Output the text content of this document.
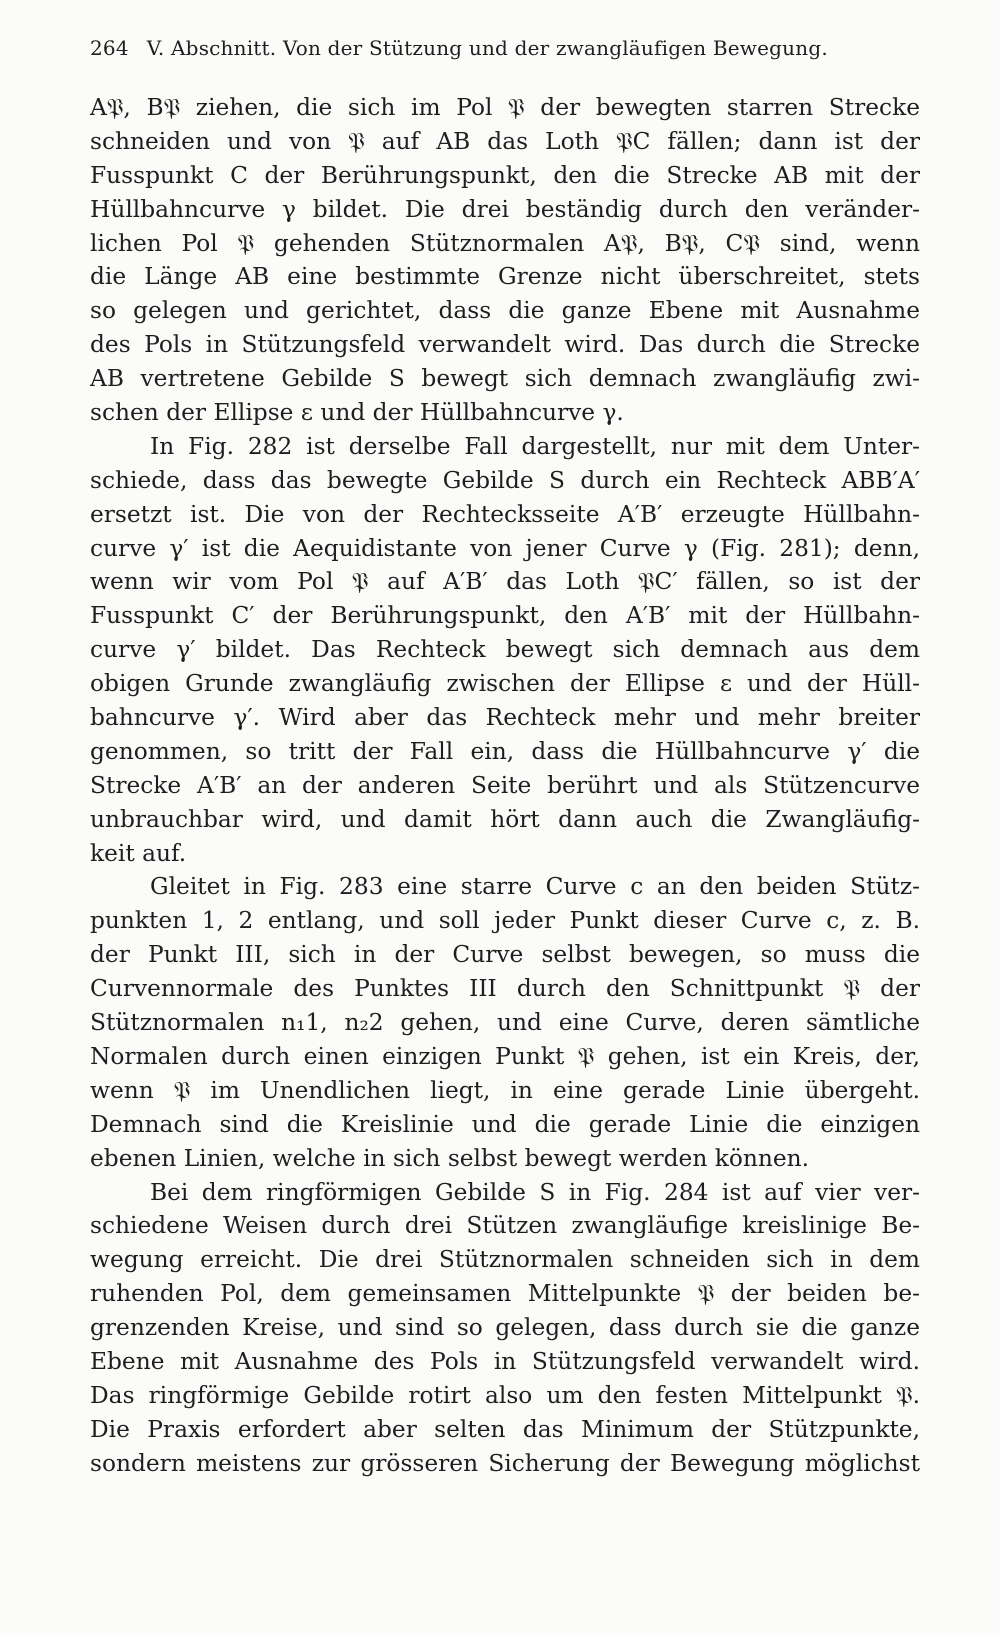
264 V. Abschnitt. Von der Stützung und der zwangläufigen Bewegung.
A𝔓, B𝔓 ziehen, die sich im Pol 𝔓 der bewegten starren Strecke
schneiden und von 𝔓 auf AB das Loth 𝔓C fällen; dann ist der
Fusspunkt C der Berührungspunkt, den die Strecke AB mit der
Hüllbahncurve γ bildet. Die drei beständig durch den veränder-
lichen Pol 𝔓 gehenden Stütznormalen A𝔓, B𝔓, C𝔓 sind, wenn
die Länge AB eine bestimmte Grenze nicht überschreitet, stets
so gelegen und gerichtet, dass die ganze Ebene mit Ausnahme
des Pols in Stützungsfeld verwandelt wird. Das durch die Strecke
AB vertretene Gebilde S bewegt sich demnach zwangläufig zwi-
schen der Ellipse ε und der Hüllbahncurve γ.
In Fig. 282 ist derselbe Fall dargestellt, nur mit dem Unter-
schiede, dass das bewegte Gebilde S durch ein Rechteck ABB′A′
ersetzt ist. Die von der Rechtecksseite A′B′ erzeugte Hüllbahn-
curve γ′ ist die Aequidistante von jener Curve γ (Fig. 281); denn,
wenn wir vom Pol 𝔓 auf A′B′ das Loth 𝔓C′ fällen, so ist der
Fusspunkt C′ der Berührungspunkt, den A′B′ mit der Hüllbahn-
curve γ′ bildet. Das Rechteck bewegt sich demnach aus dem
obigen Grunde zwangläufig zwischen der Ellipse ε und der Hüll-
bahncurve γ′. Wird aber das Rechteck mehr und mehr breiter
genommen, so tritt der Fall ein, dass die Hüllbahncurve γ′ die
Strecke A′B′ an der anderen Seite berührt und als Stützencurve
unbrauchbar wird, und damit hört dann auch die Zwangläufig-
keit auf.
Gleitet in Fig. 283 eine starre Curve c an den beiden Stütz-
punkten 1, 2 entlang, und soll jeder Punkt dieser Curve c, z. B.
der Punkt III, sich in der Curve selbst bewegen, so muss die
Curvennormale des Punktes III durch den Schnittpunkt 𝔓 der
Stütznormalen n₁1, n₂2 gehen, und eine Curve, deren sämtliche
Normalen durch einen einzigen Punkt 𝔓 gehen, ist ein Kreis, der,
wenn 𝔓 im Unendlichen liegt, in eine gerade Linie übergeht.
Demnach sind die Kreislinie und die gerade Linie die einzigen
ebenen Linien, welche in sich selbst bewegt werden können.
Bei dem ringförmigen Gebilde S in Fig. 284 ist auf vier ver-
schiedene Weisen durch drei Stützen zwangläufige kreislinige Be-
wegung erreicht. Die drei Stütznormalen schneiden sich in dem
ruhenden Pol, dem gemeinsamen Mittelpunkte 𝔓 der beiden be-
grenzenden Kreise, und sind so gelegen, dass durch sie die ganze
Ebene mit Ausnahme des Pols in Stützungsfeld verwandelt wird.
Das ringförmige Gebilde rotirt also um den festen Mittelpunkt 𝔓.
Die Praxis erfordert aber selten das Minimum der Stützpunkte,
sondern meistens zur grösseren Sicherung der Bewegung möglichst
